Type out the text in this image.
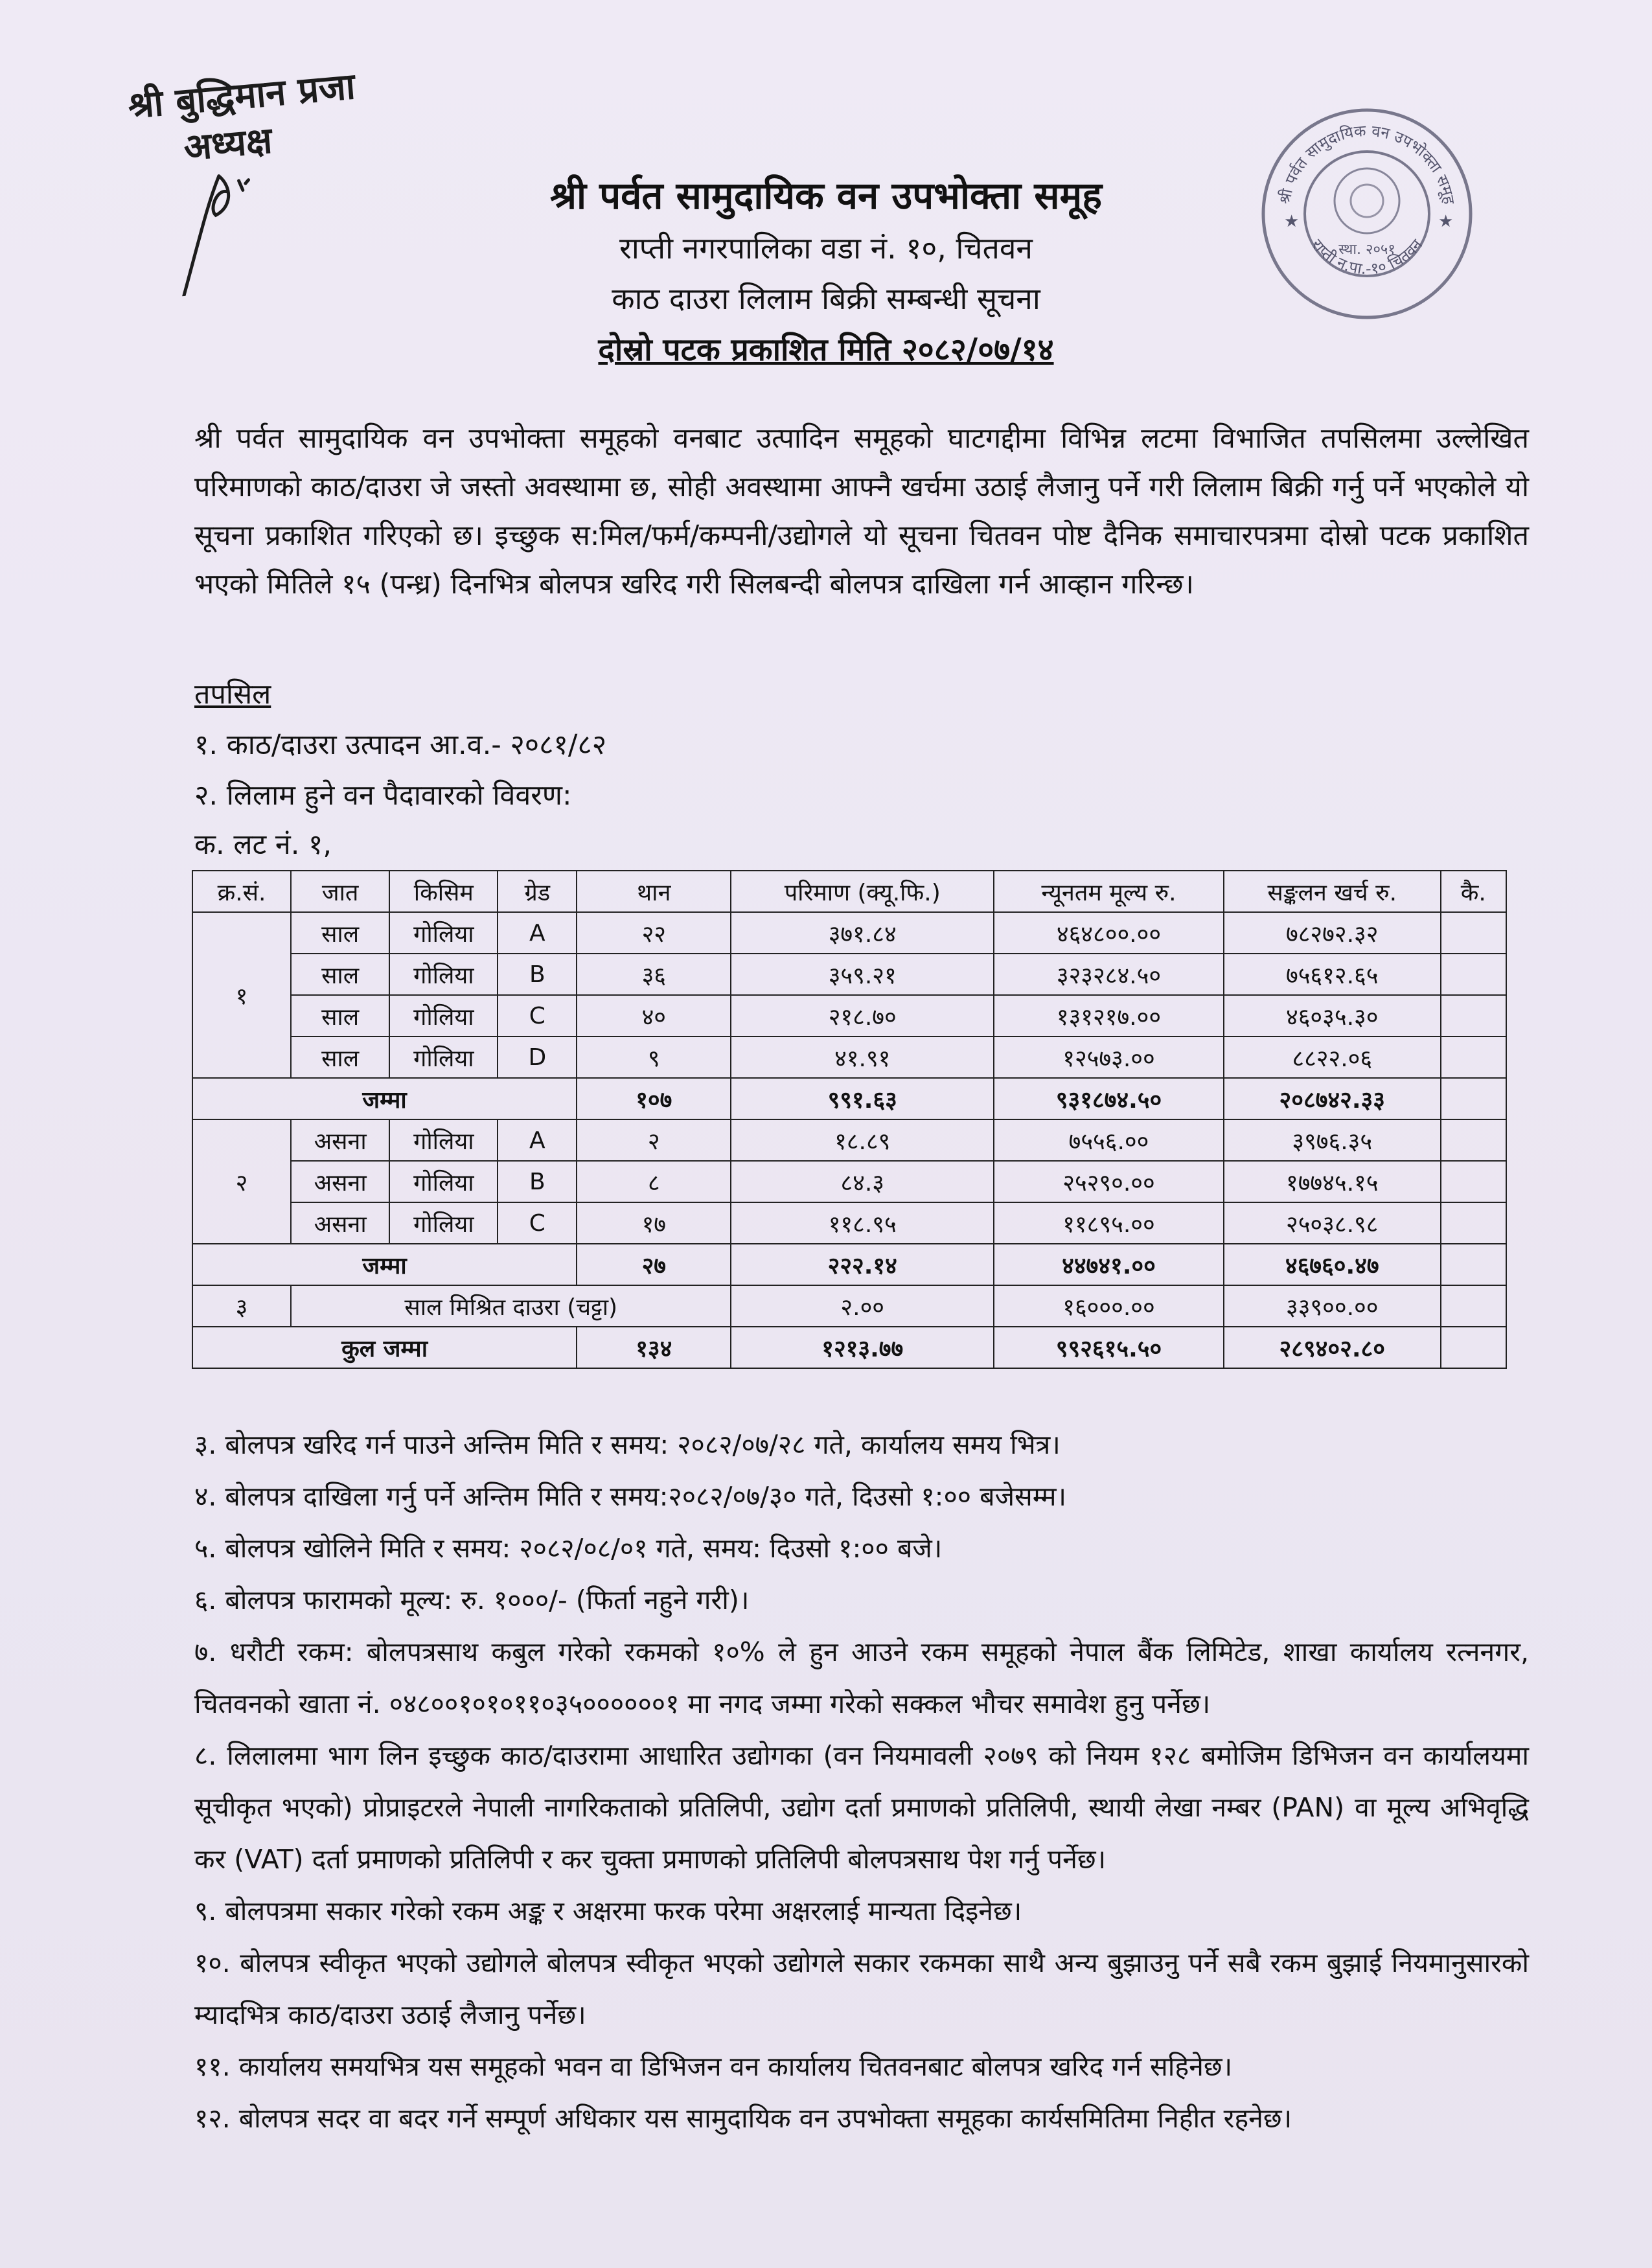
श्री बुद्धिमान प्रजा
अध्यक्ष
श्री पर्वत सामुदायिक वन उपभोक्ता समूह
राप्ती न.पा.-१० चितवन
स्था. २०५१
★	★

श्री पर्वत सामुदायिक वन उपभोक्ता समूह

राप्ती नगरपालिका वडा नं. १०, चितवन

काठ दाउरा लिलाम बिक्री सम्बन्धी सूचना

दोस्रो पटक प्रकाशित मिति २०८२/०७/१४

श्री पर्वत सामुदायिक वन उपभोक्ता समूहको वनबाट उत्पादिन समूहको घाटगद्दीमा विभिन्न लटमा विभाजित तपसिलमा उल्लेखित परिमाणको काठ/दाउरा जे जस्तो अवस्थामा छ, सोही अवस्थामा आफ्नै खर्चमा उठाई लैजानु पर्ने गरी लिलाम बिक्री गर्नु पर्ने भएकोले यो सूचना प्रकाशित गरिएको छ। इच्छुक स:मिल/फर्म/कम्पनी/उद्योगले यो सूचना चितवन पोष्ट दैनिक समाचारपत्रमा दोस्रो पटक प्रकाशित भएको मितिले १५ (पन्ध्र) दिनभित्र बोलपत्र खरिद गरी सिलबन्दी बोलपत्र दाखिला गर्न आव्हान गरिन्छ।
तपसिल
१. काठ/दाउरा उत्पादन आ.व.- २०८१/८२
२. लिलाम हुने वन पैदावारको विवरण:
क. लट नं. १,
क्र.सं.	जात	किसिम	ग्रेड	थान	परिमाण (क्यू.फि.)	न्यूनतम मूल्य रु.	सङ्कलन खर्च रु.	कै.
१	साल	गोलिया	A	२२	३७१.८४	४६४८००.००	७८२७२.३२	
	साल	गोलिया	B	३६	३५९.२१	३२३२८४.५०	७५६१२.६५	
	साल	गोलिया	C	४०	२१८.७०	१३१२१७.००	४६०३५.३०	
	साल	गोलिया	D	९	४१.९१	१२५७३.००	८८२२.०६	
जम्मा				१०७	९९१.६३	९३१८७४.५०	२०८७४२.३३	
२	असना	गोलिया	A	२	१८.८९	७५५६.००	३९७६.३५	
	असना	गोलिया	B	८	८४.३	२५२९०.००	१७७४५.१५	
	असना	गोलिया	C	१७	११८.९५	११८९५.००	२५०३८.९८	
जम्मा				२७	२२२.१४	४४७४१.००	४६७६०.४७	
३	साल मिश्रित दाउरा (चट्टा)				२.००	१६०००.००	३३९००.००	
कुल जम्मा				१३४	१२१३.७७	९९२६१५.५०	२८९४०२.८०	

३. बोलपत्र खरिद गर्न पाउने अन्तिम मिति र समय: २०८२/०७/२८ गते, कार्यालय समय भित्र।

४. बोलपत्र दाखिला गर्नु पर्ने अन्तिम मिति र समय:२०८२/०७/३० गते, दिउसो १:०० बजेसम्म।

५. बोलपत्र खोलिने मिति र समय: २०८२/०८/०१ गते, समय: दिउसो १:०० बजे।

६. बोलपत्र फारामको मूल्य: रु. १०००/- (फिर्ता नहुने गरी)।

७. धरौटी रकम: बोलपत्रसाथ कबुल गरेको रकमको १०% ले हुन आउने रकम समूहको नेपाल बैंक लिमिटेड, शाखा कार्यालय रत्ननगर, चितवनको खाता नं. ०४८००१०१०११०३५००००००१ मा नगद जम्मा गरेको सक्कल भौचर समावेश हुनु पर्नेछ।

८. लिलालमा भाग लिन इच्छुक काठ/दाउरामा आधारित उद्योगका (वन नियमावली २०७९ को नियम १२८ बमोजिम डिभिजन वन कार्यालयमा सूचीकृत भएको) प्रोप्राइटरले नेपाली नागरिकताको प्रतिलिपी, उद्योग दर्ता प्रमाणको प्रतिलिपी, स्थायी लेखा नम्बर (PAN) वा मूल्य अभिवृद्धि कर (VAT) दर्ता प्रमाणको प्रतिलिपी र कर चुक्ता प्रमाणको प्रतिलिपी बोलपत्रसाथ पेश गर्नु पर्नेछ।

९. बोलपत्रमा सकार गरेको रकम अङ्क र अक्षरमा फरक परेमा अक्षरलाई मान्यता दिइनेछ।

१०. बोलपत्र स्वीकृत भएको उद्योगले बोलपत्र स्वीकृत भएको उद्योगले सकार रकमका साथै अन्य बुझाउनु पर्ने सबै रकम बुझाई नियमानुसारको म्यादभित्र काठ/दाउरा उठाई लैजानु पर्नेछ।

११. कार्यालय समयभित्र यस समूहको भवन वा डिभिजन वन कार्यालय चितवनबाट बोलपत्र खरिद गर्न सहिनेछ।

१२. बोलपत्र सदर वा बदर गर्ने सम्पूर्ण अधिकार यस सामुदायिक वन उपभोक्ता समूहका कार्यसमितिमा निहीत रहनेछ।
